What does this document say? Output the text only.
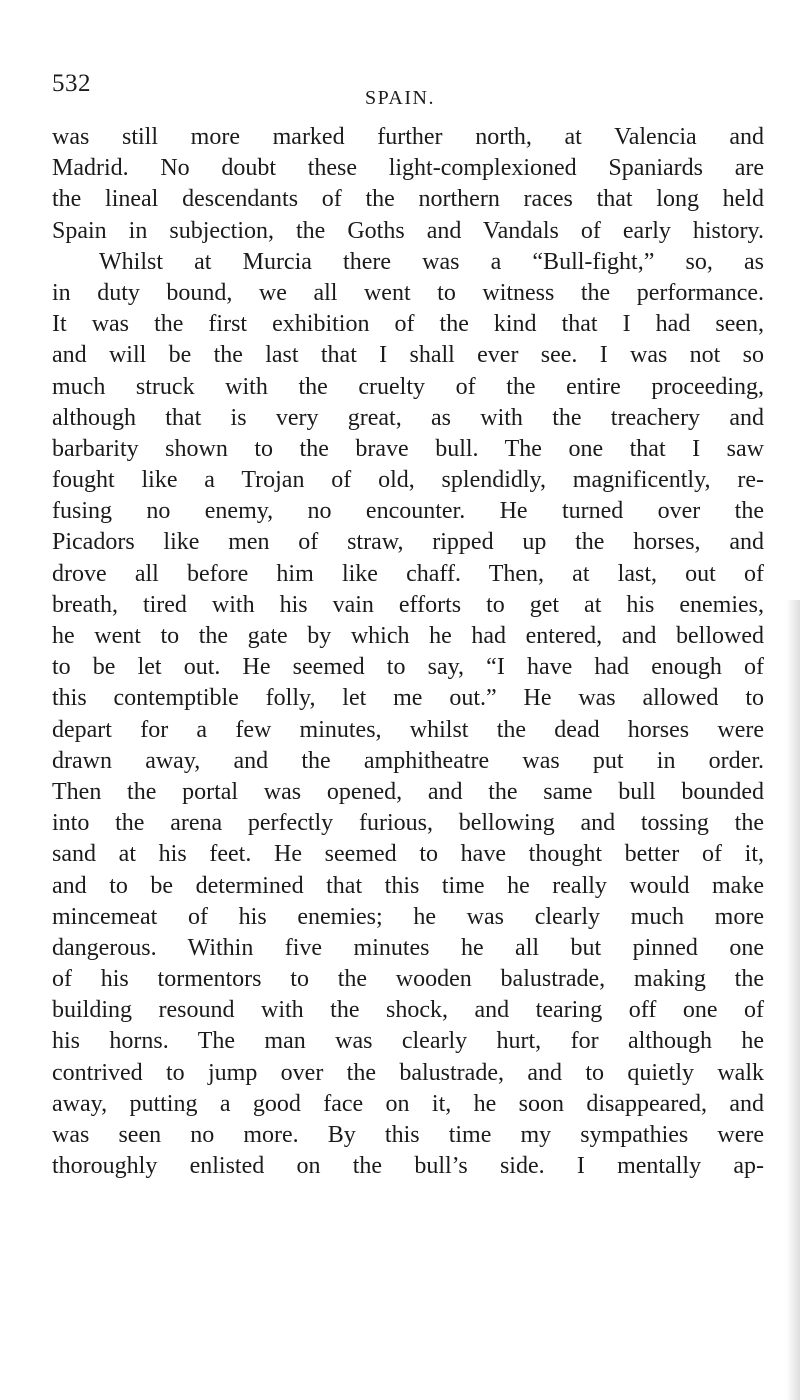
532
SPAIN.
was still more marked further north, at Valencia and
Madrid. No doubt these light-complexioned Spaniards are
the lineal descendants of the northern races that long held
Spain in subjection, the Goths and Vandals of early history.
Whilst at Murcia there was a “Bull-fight,” so, as
in duty bound, we all went to witness the performance.
It was the first exhibition of the kind that I had seen,
and will be the last that I shall ever see. I was not so
much struck with the cruelty of the entire proceeding,
although that is very great, as with the treachery and
barbarity shown to the brave bull. The one that I saw
fought like a Trojan of old, splendidly, magnificently, re-
fusing no enemy, no encounter. He turned over the
Picadors like men of straw, ripped up the horses, and
drove all before him like chaff. Then, at last, out of
breath, tired with his vain efforts to get at his enemies,
he went to the gate by which he had entered, and bellowed
to be let out. He seemed to say, “I have had enough of
this contemptible folly, let me out.” He was allowed to
depart for a few minutes, whilst the dead horses were
drawn away, and the amphitheatre was put in order.
Then the portal was opened, and the same bull bounded
into the arena perfectly furious, bellowing and tossing the
sand at his feet. He seemed to have thought better of it,
and to be determined that this time he really would make
mincemeat of his enemies; he was clearly much more
dangerous. Within five minutes he all but pinned one
of his tormentors to the wooden balustrade, making the
building resound with the shock, and tearing off one of
his horns. The man was clearly hurt, for although he
contrived to jump over the balustrade, and to quietly walk
away, putting a good face on it, he soon disappeared, and
was seen no more. By this time my sympathies were
thoroughly enlisted on the bull’s side. I mentally ap-
